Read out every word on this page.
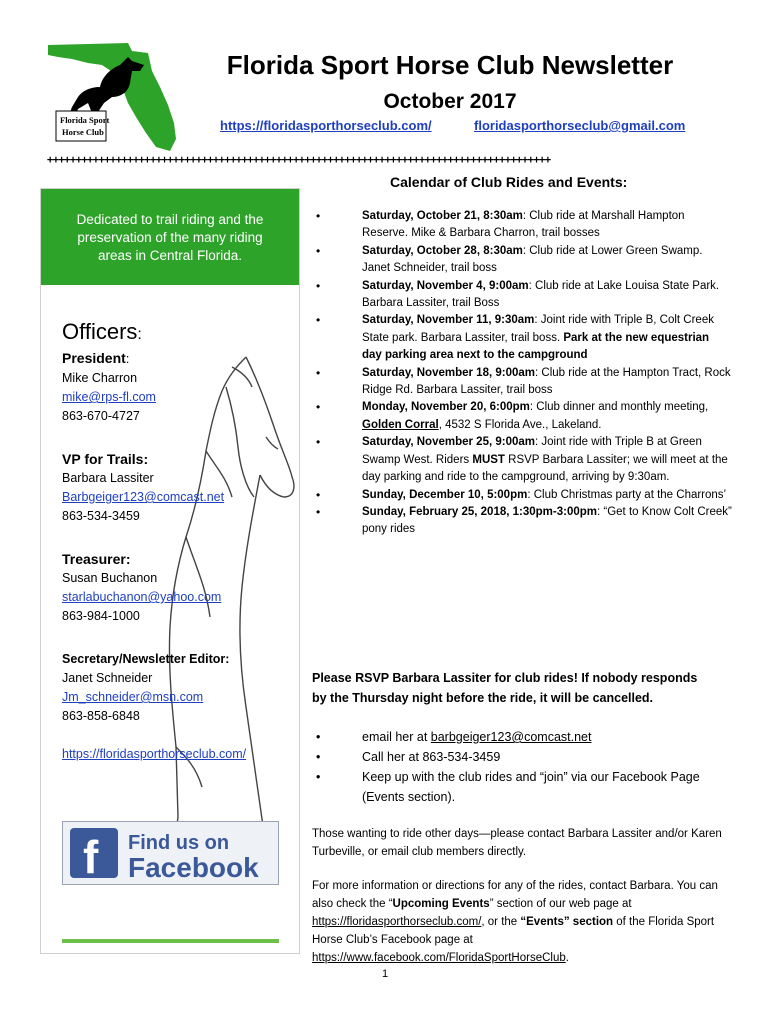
Florida Sport
Horse Club
Florida Sport Horse Club Newsletter
October 2017
https://floridasporthorseclub.com/	floridasporthorseclub@gmail.com
++++++++++++++++++++++++++++++++++++++++++++++++++++++++++++++++++++++++++++++++++++++++
Dedicated to trail riding and the preservation of the many riding areas in Central Florida.
Officers:
President:
Mike Charron
mike@rps-fl.com
863-670-4727
VP for Trails:
Barbara Lassiter
Barbgeiger123@comcast.net
863-534-3459
Treasurer:
Susan Buchanon
starlabuchanon@yahoo.com
863-984-1000
Secretary/Newsletter Editor:
Janet Schneider
Jm_schneider@msn.com
863-858-6848
https://floridasporthorseclub.com/
f Find us on
Facebook
Calendar of Club Rides and Events:
•	Saturday, October 21, 8:30am: Club ride at Marshall Hampton Reserve. Mike & Barbara Charron, trail bosses
•	Saturday, October 28, 8:30am: Club ride at Lower Green Swamp. Janet Schneider, trail boss
•	Saturday, November 4, 9:00am: Club ride at Lake Louisa State Park. Barbara Lassiter, trail Boss
•	Saturday, November 11, 9:30am: Joint ride with Triple B, Colt Creek State park. Barbara Lassiter, trail boss. Park at the new equestrian day parking area next to the campground
•	Saturday, November 18, 9:00am: Club ride at the Hampton Tract, Rock Ridge Rd. Barbara Lassiter, trail boss
•	Monday, November 20, 6:00pm: Club dinner and monthly meeting, Golden Corral, 4532 S Florida Ave., Lakeland.
•	Saturday, November 25, 9:00am: Joint ride with Triple B at Green Swamp West. Riders MUST RSVP Barbara Lassiter; we will meet at the day parking and ride to the campground, arriving by 9:30am.
•	Sunday, December 10, 5:00pm: Club Christmas party at the Charrons’
•	Sunday, February 25, 2018, 1:30pm-3:00pm: “Get to Know Colt Creek” pony rides
Please RSVP Barbara Lassiter for club rides! If nobody responds by the Thursday night before the ride, it will be cancelled.
•	email her at barbgeiger123@comcast.net
•	Call her at 863-534-3459
•	Keep up with the club rides and “join” via our Facebook Page (Events section).
Those wanting to ride other days—please contact Barbara Lassiter and/or Karen Turbeville, or email club members directly.
For more information or directions for any of the rides, contact Barbara. You can also check the “Upcoming Events” section of our web page at https://floridasporthorseclub.com/, or the “Events” section of the Florida Sport Horse Club’s Facebook page at https://www.facebook.com/FloridaSportHorseClub.
1
